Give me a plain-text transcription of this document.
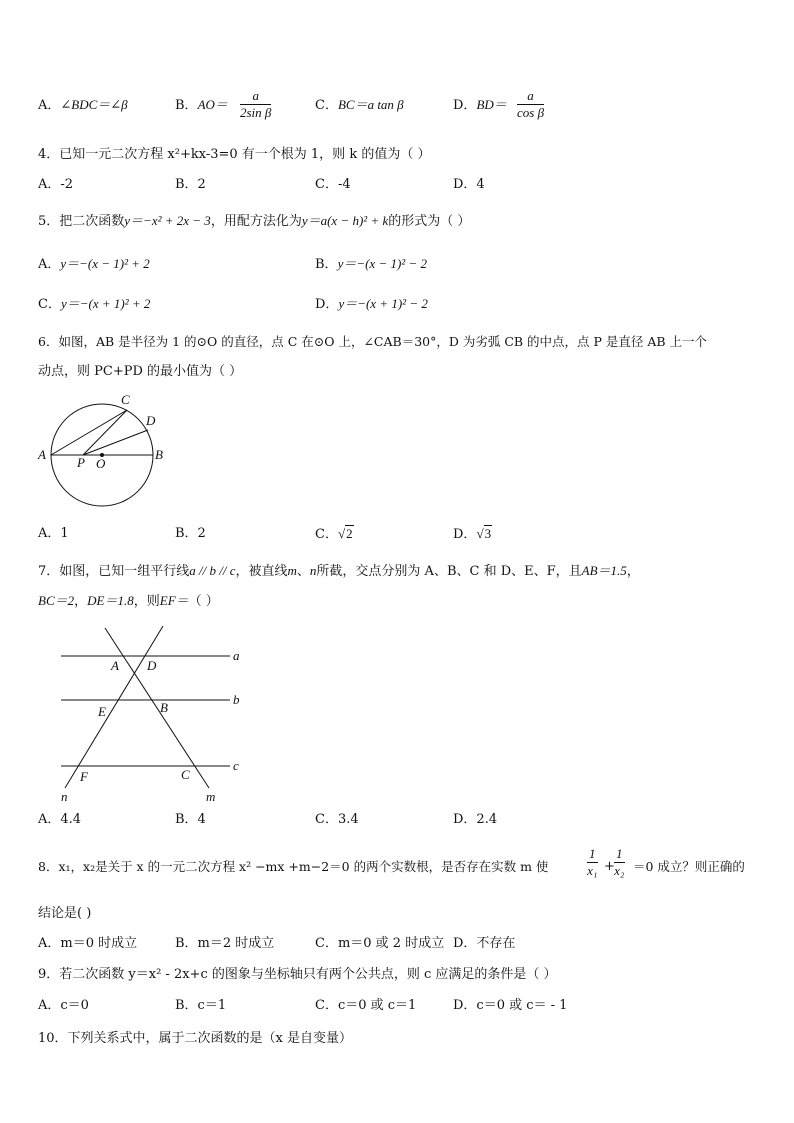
A．∠BDC＝∠β	B．$AO= \frac{a}{\text{2sin β}}$	C．BC＝a tan β	D．$BD= \frac{a}{\text{cos β}}$
4．已知一元二次方程 x²+kx-3=0 有一个根为 1，则 k 的值为（ ）
A．-2	B．2	C．-4	D．4
5．把二次函数y＝−x² + 2x − 3，用配方法化为y＝a(x − h)² + k的形式为（ ）
A．y＝−(x − 1)² + 2	B．y＝−(x − 1)² − 2
C．y＝−(x + 1)² + 2	D．y＝−(x + 1)² − 2
6．如图，AB 是半径为 1 的⊙O 的直径，点 C 在⊙O 上，∠CAB＝30°，D 为劣弧 CB 的中点，点 P 是直径 AB 上一个
动点，则 PC+PD 的最小值为（ ）
A	B
C
D
P O
A．1	B．2	C．√2	D．√3
7．如图，已知一组平行线a // b // c，被直线m、n所截，交点分别为 A、B、C 和 D、E、F，且AB＝1.5，
BC＝2，DE＝1.8，则EF＝（ ）
a
b
c
A D
E	B
F	C
n	m
A．4.4	B．4	C．3.4	D．2.4
8．x₁，x₂是关于 x 的一元二次方程 x² −mx +m−2＝0 的两个实数根，是否存在实数 m 使	$\frac{1}{\text{x₁}} + \frac{1}{\text{x₂}} =0$ 成立？则正确的
结论是( )
A．m＝0 时成立	B．m＝2 时成立	C．m＝0 或 2 时成立 D．不存在
9．若二次函数 y＝x² - 2x+c 的图象与坐标轴只有两个公共点，则 c 应满足的条件是（ ）
A．c＝0	B．c＝1	C．c＝0 或 c＝1	D．c＝0 或 c＝ - 1
10．下列关系式中，属于二次函数的是（x 是自变量）
